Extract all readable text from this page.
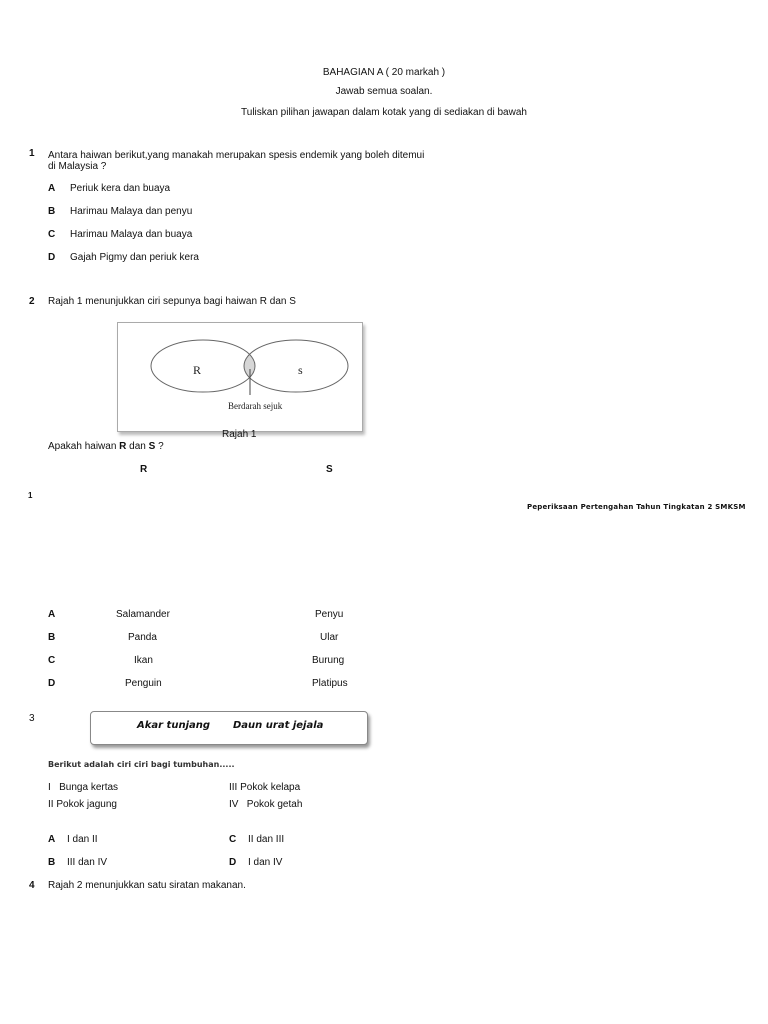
BAHAGIAN A ( 20 markah )
Jawab semua soalan.
Tuliskan pilihan jawapan dalam kotak yang di sediakan di bawah
1 Antara haiwan berikut,yang manakah merupakan spesis endemik yang boleh ditemui
di Malaysia ?
A Periuk kera dan buaya
B Harimau Malaya dan penyu
C Harimau Malaya dan buaya
D Gajah Pigmy dan periuk kera
2 Rajah 1 menunjukkan ciri sepunya bagi haiwan R dan S
R	s
Berdarah sejuk
Rajah 1
Apakah haiwan R dan S ?
R	S
1
Peperiksaan Pertengahan Tahun Tingkatan 2 SMKSM
A	Salamander	Penyu
B	Panda	Ular
C	Ikan	Burung
D	Penguin	Platipus
3
Akar tunjang Daun urat jejala
Berikut adalah ciri ciri bagi tumbuhan.....
I Bunga kertas
II Pokok jagung
III Pokok kelapa
IV Pokok getah
A I dan II
B III dan IV
C II dan III
D I dan IV
4 Rajah 2 menunjukkan satu siratan makanan.
